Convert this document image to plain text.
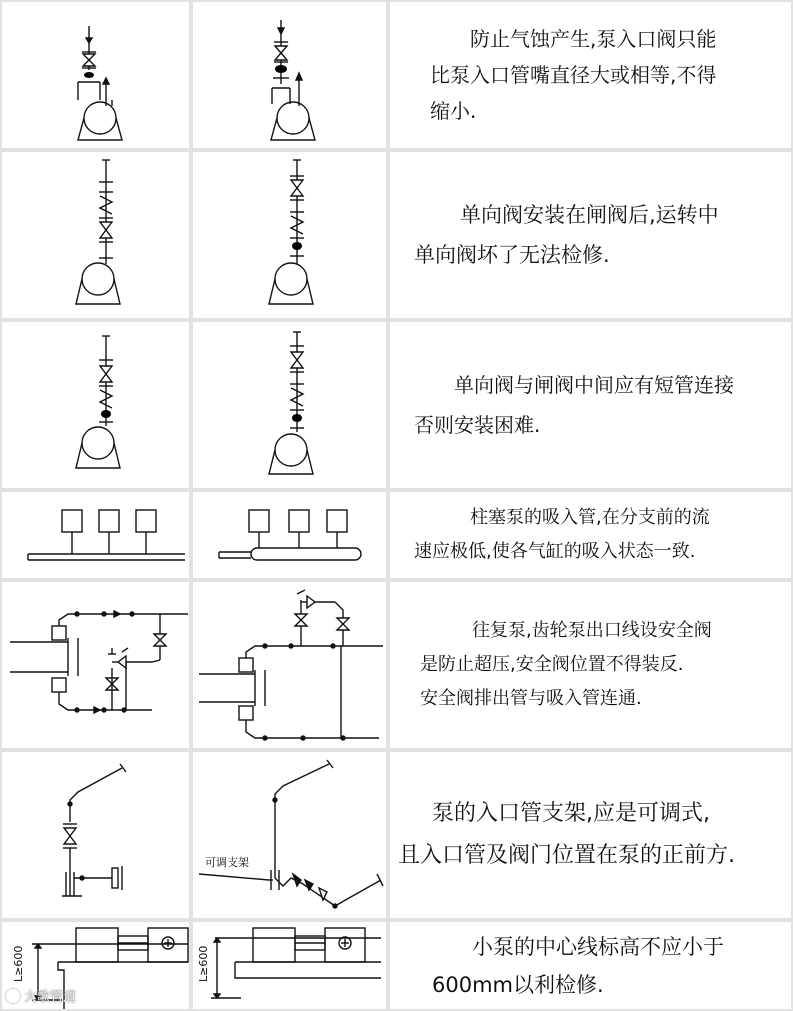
防止气蚀产生,泵入口阀只能
比泵入口管嘴直径大或相等,不得
缩小.
单向阀安装在闸阀后,运转中
单向阀坏了无法检修.
单向阀与闸阀中间应有短管连接
否则安装困难.
柱塞泵的吸入管,在分支前的流
速应极低,使各气缸的吸入状态一致.
往复泵,齿轮泵出口线设安全阀
是防止超压,安全阀位置不得装反.
安全阀排出管与吸入管连通.
可调支架
泵的入口管支架,应是可调式,
且入口管及阀门位置在泵的正前方.
L≥600	L≥600	小泵的中心线标高不应小于
600mm以利检修.
大歌管道
